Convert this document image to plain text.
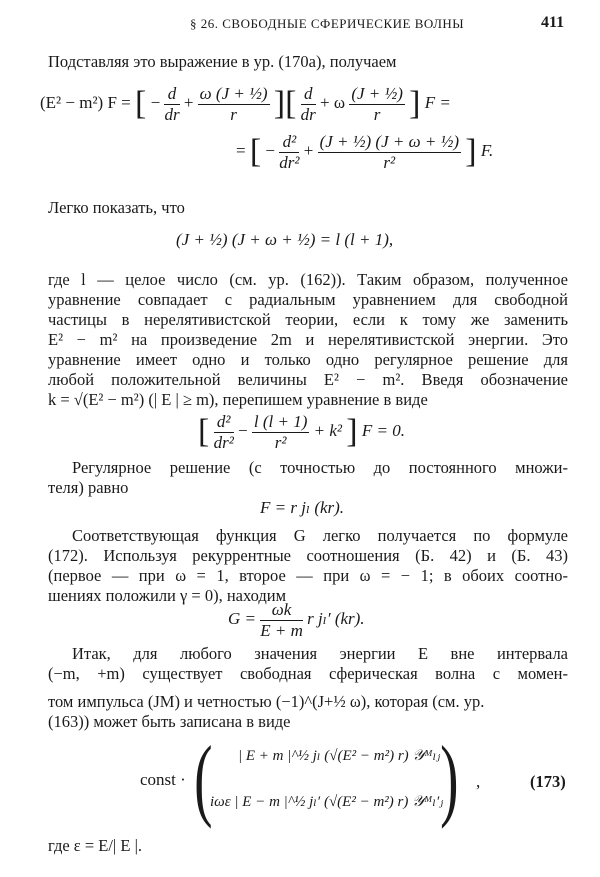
§ 26. СВОБОДНЫЕ СФЕРИЧЕСКИЕ ВОЛНЫ	411
Подставляя это выражение в ур. (170а), получаем
(E² − m²) F = [ − $\frac{d}{dr} + \frac{\text{ω (J + ½)}}{r}$ ][ $\frac{d}{dr} + \omega \frac{\text{(J + ½)}}{r}$ ] F =
= [ − $\frac{\text{d²}}{\text{dr²}} + \frac{\text{(J + ½) (J + ω + ½)}}{\text{r²}}$ ] F.
Легко показать, что
(J + ½) (J + ω + ½) = l (l + 1),
где l — целое число (см. ур. (162)). Таким образом, полученное
уравнение совпадает с радиальным уравнением для свободной
частицы в нерелятивистской теории, если к тому же заменить
E² − m² на произведение 2m и нерелятивистской энергии. Это
уравнение имеет одно и только одно регулярное решение для
любой положительной величины E² − m². Введя обозначение
k = √(E² − m²) (| E | ≥ m), перепишем уравнение в виде
[ $\frac{\text{d²}}{\text{dr²}} - \frac{l (l + 1)}{\text{r²}} + k^2$ ] F = 0.
Регулярное решение (с точностью до постоянного множи-
теля) равно
F = r jₗ (kr).
Соответствующая функция G легко получается по формуле
(172). Используя рекуррентные соотношения (Б. 42) и (Б. 43)
(первое — при ω = 1, второе — при ω = − 1; в обоих соотно-
шениях положили γ = 0), находим
$G = \frac{\omega k}{E + m}$ r jₗ′ (kr).
Итак, для любого значения энергии E вне интервала
(−m, +m) существует свободная сферическая волна с момен-
том импульса (JM) и четностью (−1)^(J+½ ω), которая (см. ур.
(163)) может быть записана в виде
const · ( | E + m |^½ jₗ (√(E² − m²) r) 𝒴ᴹₗⱼ
iωε | E − m |^½ jₗ′ (√(E² − m²) r) 𝒴ᴹₗ′ⱼ
) ,	(173)
где ε = E/| E |.
